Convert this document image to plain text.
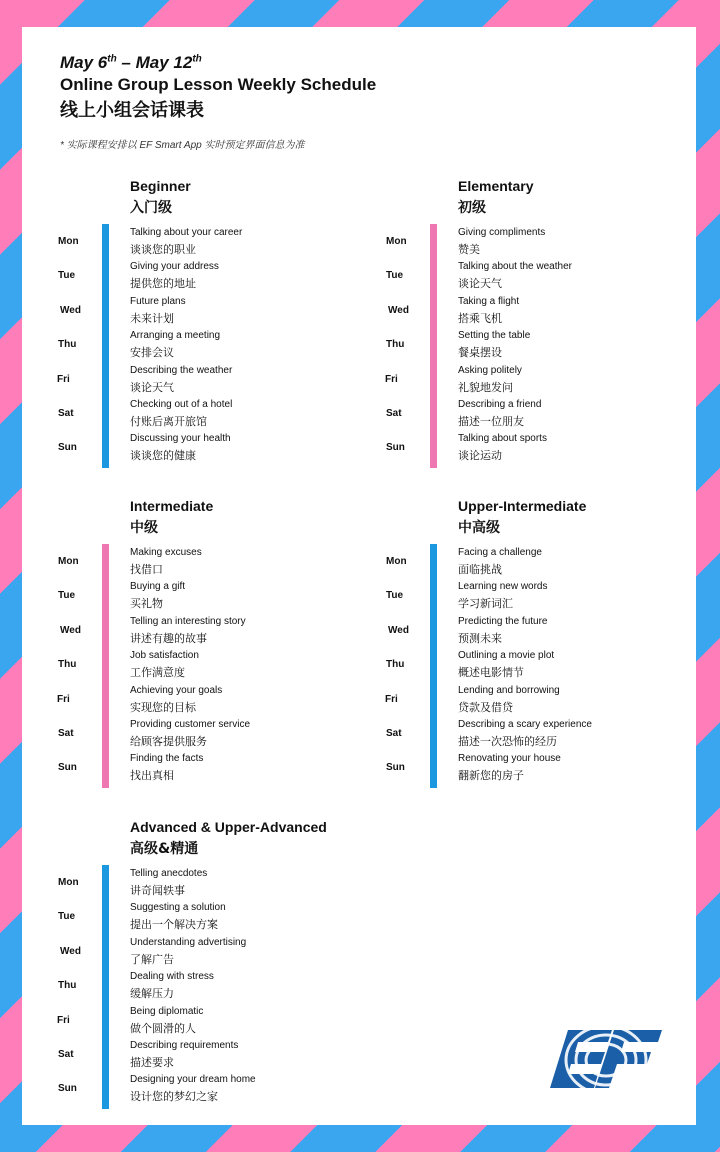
May 6th – May 12th
Online Group Lesson Weekly Schedule
线上小组会话课表
* 实际课程安排以 EF Smart App 实时预定界面信息为准
Beginner
入门级
Mon
Talking about your career
谈谈您的职业
Tue
Giving your address
提供您的地址
Wed
Future plans
未来计划
Thu
Arranging a meeting
安排会议
Fri
Describing the weather
谈论天气
Sat
Checking out of a hotel
付账后离开旅馆
Sun
Discussing your health
谈谈您的健康
Elementary
初级
Mon
Giving compliments
赞美
Tue
Talking about the weather
谈论天气
Wed
Taking a flight
搭乘飞机
Thu
Setting the table
餐桌摆设
Fri
Asking politely
礼貌地发问
Sat
Describing a friend
描述一位朋友
Sun
Talking about sports
谈论运动
Intermediate
中级
Mon
Making excuses
找借口
Tue
Buying a gift
买礼物
Wed
Telling an interesting story
讲述有趣的故事
Thu
Job satisfaction
工作满意度
Fri
Achieving your goals
实现您的目标
Sat
Providing customer service
给顾客提供服务
Sun
Finding the facts
找出真相
Upper-Intermediate
中高级
Mon
Facing a challenge
面临挑战
Tue
Learning new words
学习新词汇
Wed
Predicting the future
预测未来
Thu
Outlining a movie plot
概述电影情节
Fri
Lending and borrowing
贷款及借贷
Sat
Describing a scary experience
描述一次恐怖的经历
Sun
Renovating your house
翻新您的房子
Advanced & Upper-Advanced
高级&精通
Mon
Telling anecdotes
讲奇闻轶事
Tue
Suggesting a solution
提出一个解决方案
Wed
Understanding advertising
了解广告
Thu
Dealing with stress
缓解压力
Fri
Being diplomatic
做个圆滑的人
Sat
Describing requirements
描述要求
Sun
Designing your dream home
设计您的梦幻之家
